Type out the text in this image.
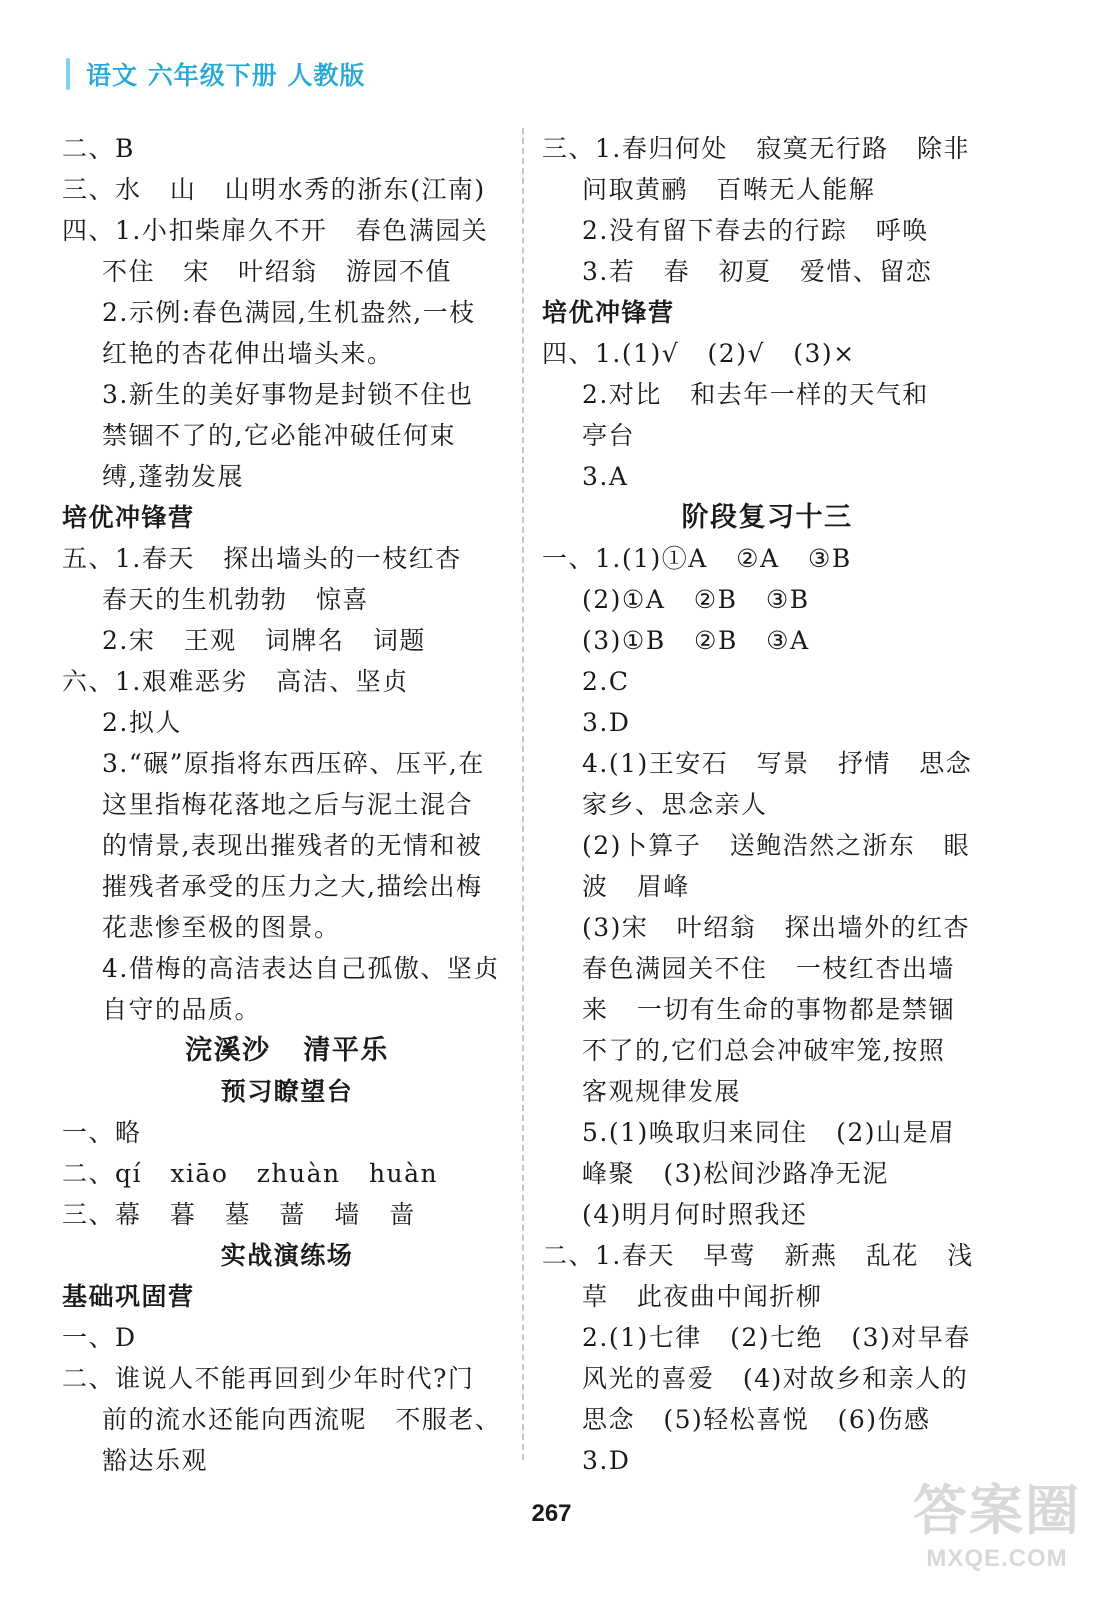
语文 六年级下册 人教版
二、B
三、水   山   山明水秀的浙东(江南)
四、1.小扣柴扉久不开   春色满园关
不住   宋   叶绍翁   游园不值
2.示例:春色满园,生机盎然,一枝
红艳的杏花伸出墙头来。
3.新生的美好事物是封锁不住也
禁锢不了的,它必能冲破任何束
缚,蓬勃发展
培优冲锋营
五、1.春天   探出墙头的一枝红杏
春天的生机勃勃   惊喜
2.宋   王观   词牌名   词题
六、1.艰难恶劣   高洁、坚贞
2.拟人
3.“碾”原指将东西压碎、压平,在
这里指梅花落地之后与泥土混合
的情景,表现出摧残者的无情和被
摧残者承受的压力之大,描绘出梅
花悲惨至极的图景。
4.借梅的高洁表达自己孤傲、坚贞
自守的品质。
浣溪沙   清平乐
预习瞭望台
一、略
二、qí   xiāo   zhuàn   huàn
三、幕   暮   墓   蔷   墙   啬
实战演练场
基础巩固营
一、D
二、谁说人不能再回到少年时代?门
前的流水还能向西流呢   不服老、
豁达乐观
三、1.春归何处   寂寞无行路   除非
问取黄鹂   百啭无人能解
2.没有留下春去的行踪   呼唤
3.若   春   初夏   爱惜、留恋
培优冲锋营
四、1.(1)√   (2)√   (3)×
2.对比   和去年一样的天气和
亭台
3.A
阶段复习十三
一、1.(1)①A   ②A   ③B
(2)①A   ②B   ③B
(3)①B   ②B   ③A
2.C
3.D
4.(1)王安石   写景   抒情   思念
家乡、思念亲人
(2)卜算子   送鲍浩然之浙东   眼
波   眉峰
(3)宋   叶绍翁   探出墙外的红杏
春色满园关不住   一枝红杏出墙
来   一切有生命的事物都是禁锢
不了的,它们总会冲破牢笼,按照
客观规律发展
5.(1)唤取归来同住   (2)山是眉
峰聚   (3)松间沙路净无泥
(4)明月何时照我还
二、1.春天   早莺   新燕   乱花   浅
草   此夜曲中闻折柳
2.(1)七律   (2)七绝   (3)对早春
风光的喜爱   (4)对故乡和亲人的
思念   (5)轻松喜悦   (6)伤感
3.D
267	答案圈
MXQE.COM
